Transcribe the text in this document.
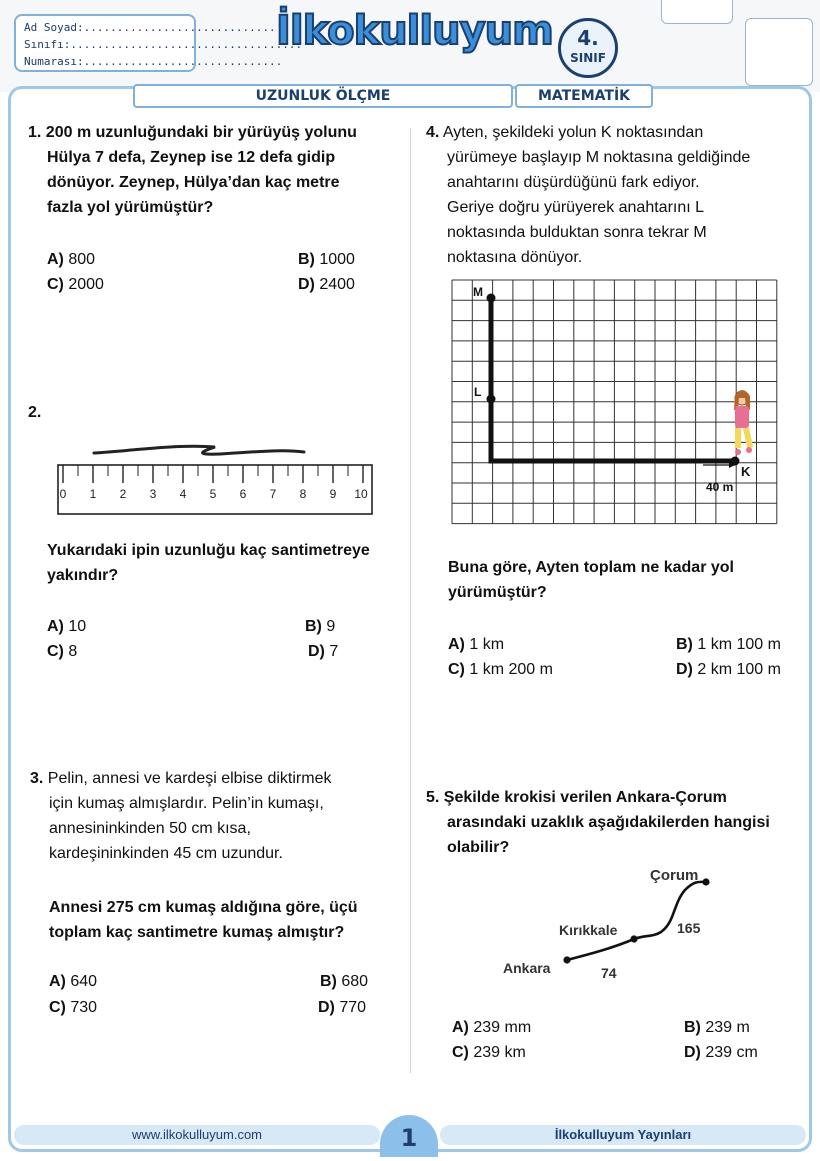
Ad Soyad:.............................
Sınıfı:...................................
Numarası:..............................
İlkokulluyum	4.
SINIF
UZUNLUK ÖLÇME	MATEMATİK
1. 200 m uzunluğundaki bir yürüyüş yolunu
Hülya 7 defa, Zeynep ise 12 defa gidip
dönüyor. Zeynep, Hülya’dan kaç metre
fazla yol yürümüştür?
A) 800	B) 1000
C) 2000	D) 2400
2.
0 1 2 3 4 5 6 7 8 9 10
Yukarıdaki ipin uzunluğu kaç santimetreye
yakındır?
A) 10	B) 9
C) 8	D) 7
3. Pelin, annesi ve kardeşi elbise diktirmek
için kumaş almışlardır. Pelin’in kumaşı,
annesininkinden 50 cm kısa,
kardeşininkinden 45 cm uzundur.
Annesi 275 cm kumaş aldığına göre, üçü
toplam kaç santimetre kumaş almıştır?
A) 640	B) 680
C) 730	D) 770
4. Ayten, şekildeki yolun K noktasından
yürümeye başlayıp M noktasına geldiğinde
anahtarını düşürdüğünü fark ediyor.
Geriye doğru yürüyerek anahtarını L
noktasında bulduktan sonra tekrar M
noktasına dönüyor.
M
L
K
40 m
Buna göre, Ayten toplam ne kadar yol
yürümüştür?
A) 1 km	B) 1 km 100 m
C) 1 km 200 m	D) 2 km 100 m
5. Şekilde krokisi verilen Ankara-Çorum
arasındaki uzaklık aşağıdakilerden hangisi
olabilir?
Çorum
Kırıkkale
Ankara	74
165
A) 239 mm	B) 239 m
C) 239 km	D) 239 cm
www.ilkokulluyum.com	1	İlkokulluyum Yayınları
